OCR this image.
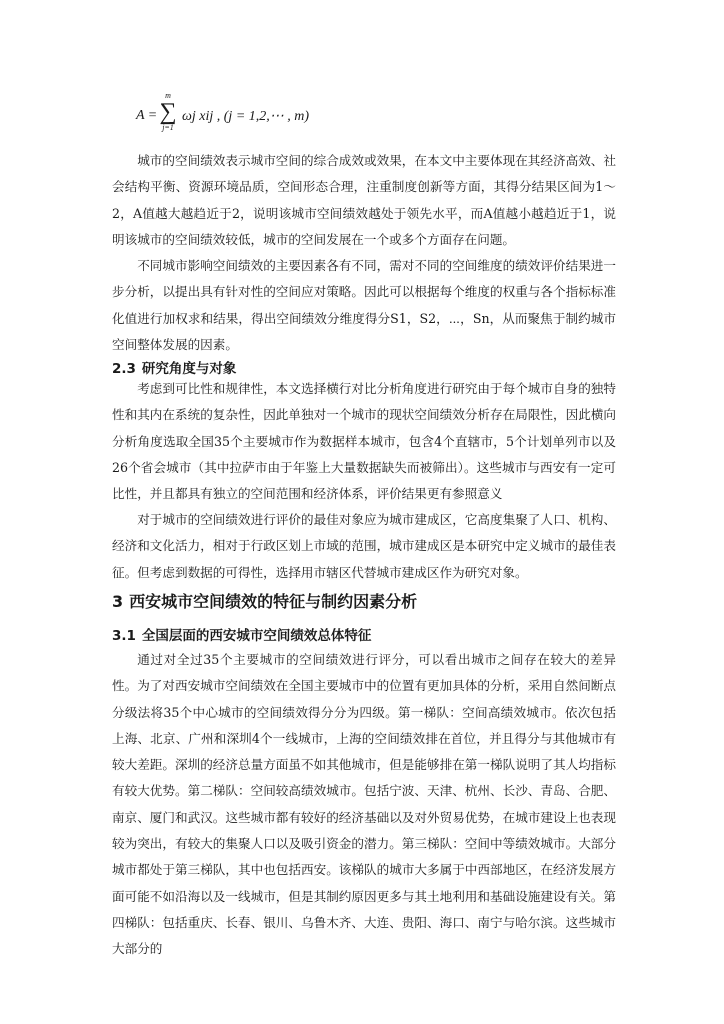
A =
m
∑
j=1
ωj xij , (j = 1,2,⋯ , m)

城市的空间绩效表示城市空间的综合成效或效果，在本文中主要体现在其经济高效、社会结构平衡、资源环境品质，空间形态合理，注重制度创新等方面，其得分结果区间为1～2，A值越大越趋近于2，说明该城市空间绩效越处于领先水平，而A值越小越趋近于1，说明该城市的空间绩效较低，城市的空间发展在一个或多个方面存在问题。

不同城市影响空间绩效的主要因素各有不同，需对不同的空间维度的绩效评价结果进一步分析，以提出具有针对性的空间应对策略。因此可以根据每个维度的权重与各个指标标准化值进行加权求和结果，得出空间绩效分维度得分S1，S2，⋯，Sn，从而聚焦于制约城市空间整体发展的因素。

2.3 研究角度与对象

考虑到可比性和规律性，本文选择横行对比分析角度进行研究由于每个城市自身的独特性和其内在系统的复杂性，因此单独对一个城市的现状空间绩效分析存在局限性，因此横向分析角度选取全国35个主要城市作为数据样本城市，包含4个直辖市，5个计划单列市以及26个省会城市（其中拉萨市由于年鉴上大量数据缺失而被筛出）。这些城市与西安有一定可比性，并且都具有独立的空间范围和经济体系，评价结果更有参照意义

对于城市的空间绩效进行评价的最佳对象应为城市建成区，它高度集聚了人口、机构、经济和文化活力，相对于行政区划上市域的范围，城市建成区是本研究中定义城市的最佳表征。但考虑到数据的可得性，选择用市辖区代替城市建成区作为研究对象。

3 西安城市空间绩效的特征与制约因素分析
3.1 全国层面的西安城市空间绩效总体特征

通过对全过35个主要城市的空间绩效进行评分，可以看出城市之间存在较大的差异性。为了对西安城市空间绩效在全国主要城市中的位置有更加具体的分析，采用自然间断点分级法将35个中心城市的空间绩效得分分为四级。第一梯队：空间高绩效城市。依次包括上海、北京、广州和深圳4个一线城市，上海的空间绩效排在首位，并且得分与其他城市有较大差距。深圳的经济总量方面虽不如其他城市，但是能够排在第一梯队说明了其人均指标有较大优势。第二梯队：空间较高绩效城市。包括宁波、天津、杭州、长沙、青岛、合肥、南京、厦门和武汉。这些城市都有较好的经济基础以及对外贸易优势，在城市建设上也表现较为突出，有较大的集聚人口以及吸引资金的潜力。第三梯队：空间中等绩效城市。大部分城市都处于第三梯队，其中也包括西安。该梯队的城市大多属于中西部地区，在经济发展方面可能不如沿海以及一线城市，但是其制约原因更多与其土地利用和基础设施建设有关。第四梯队：包括重庆、长春、银川、乌鲁木齐、大连、贵阳、海口、南宁与哈尔滨。这些城市大部分的
